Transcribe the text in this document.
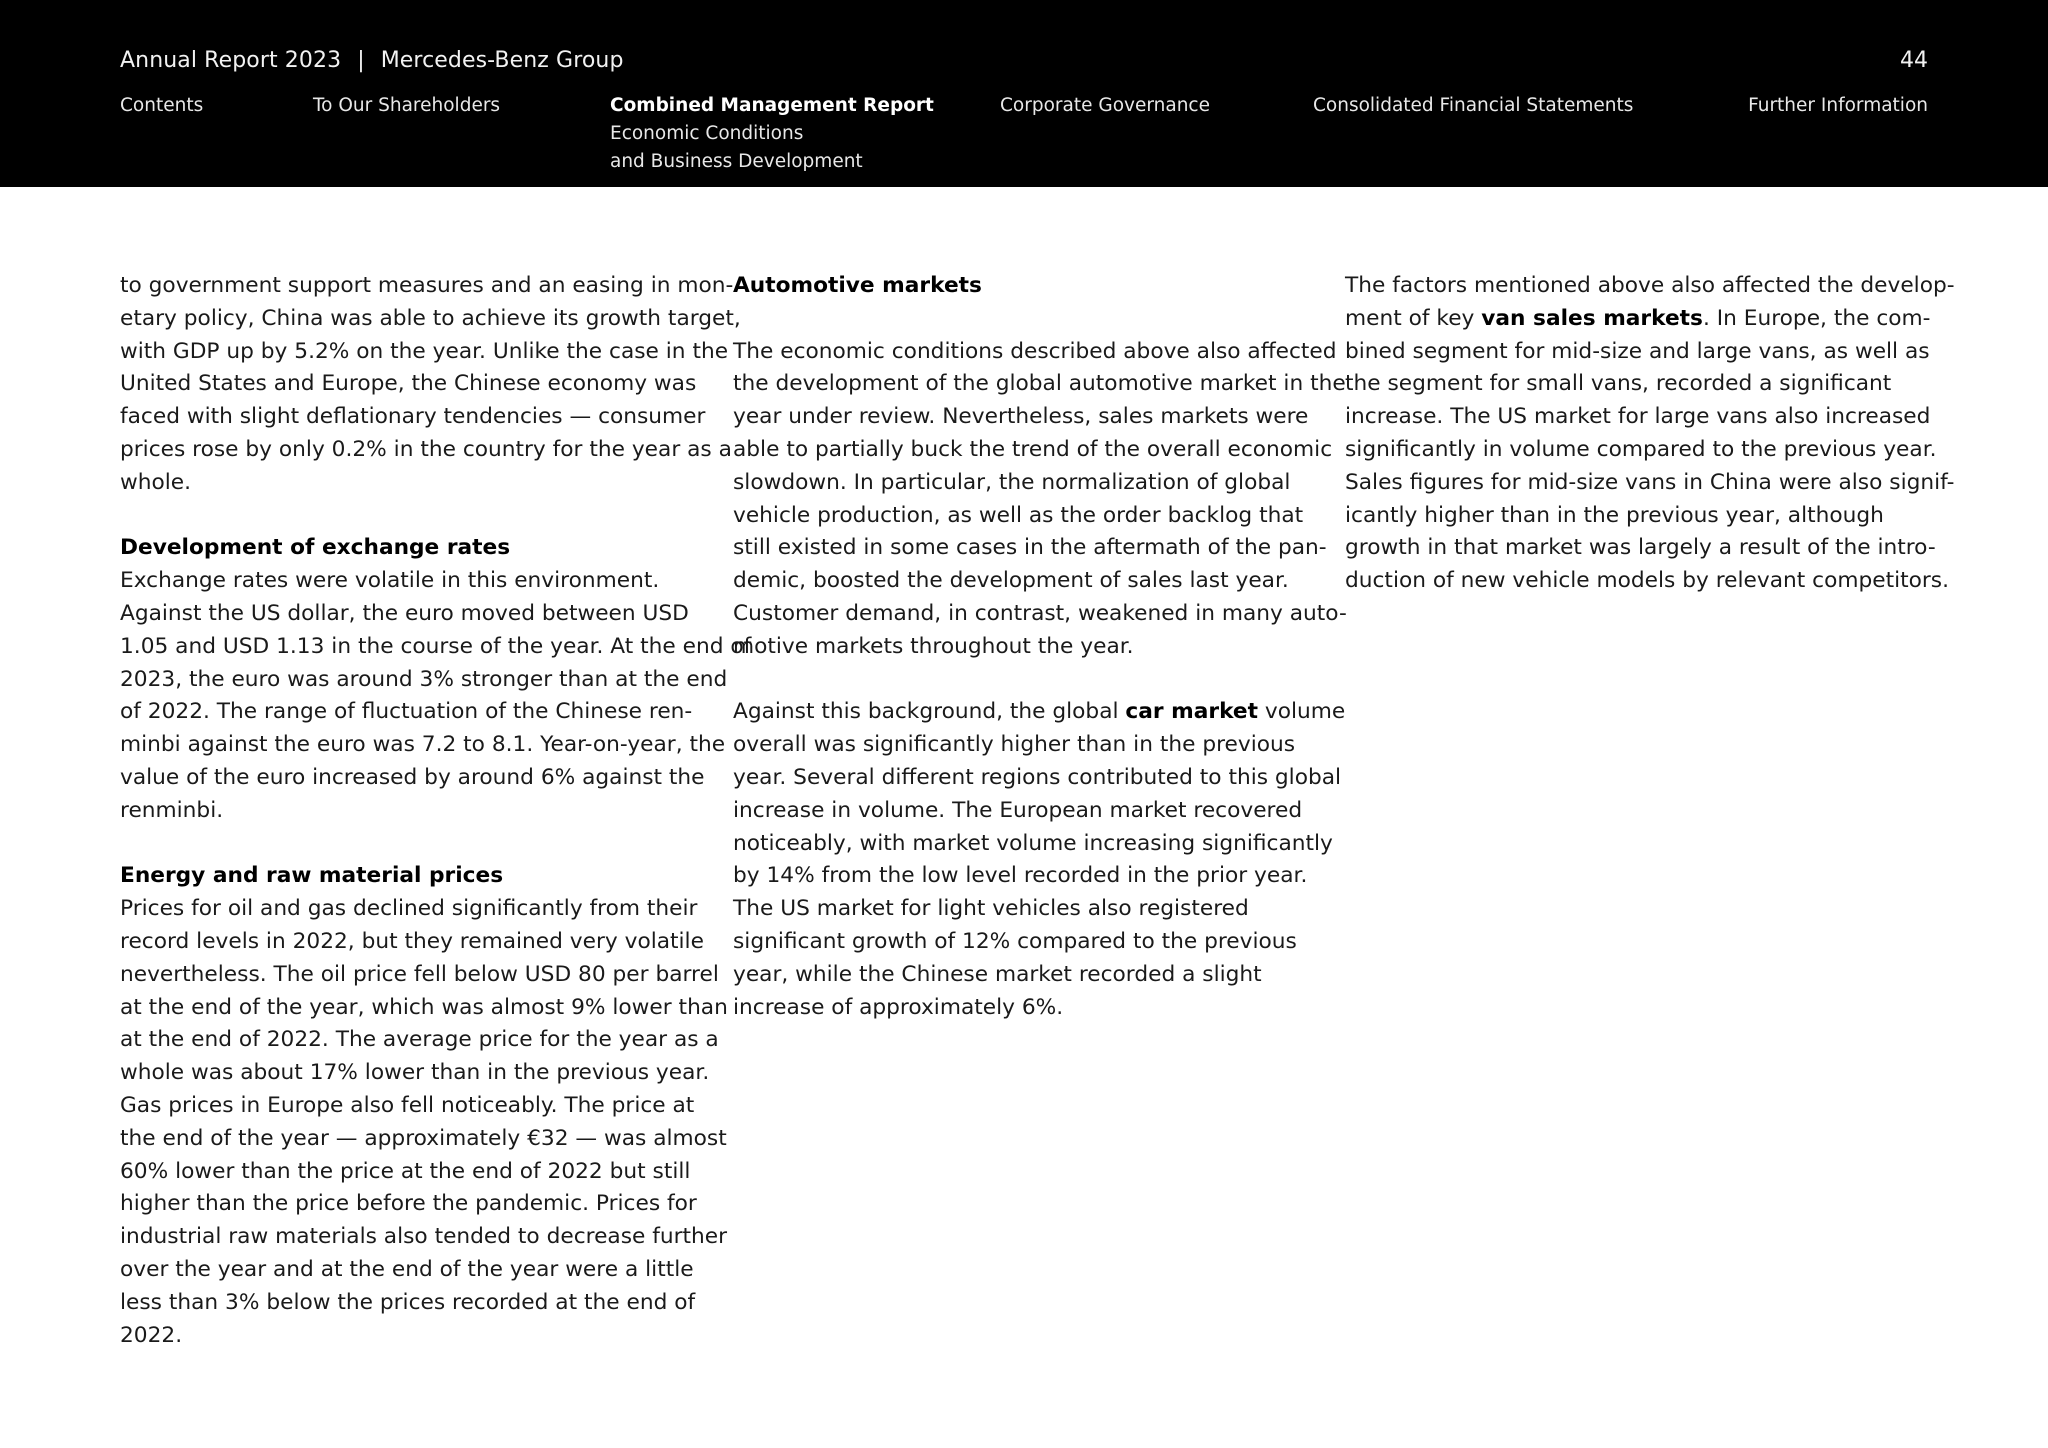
Annual Report 2023 | Mercedes-Benz Group	44
Contents	To Our Shareholders	Combined Management Report
Economic Conditions
and Business Development
Corporate Governance	Consolidated Financial Statements	Further Information

to government support measures and an easing in mon-

etary policy, China was able to achieve its growth target,

with GDP up by 5.2% on the year. Unlike the case in the

United States and Europe, the Chinese economy was

faced with slight deflationary tendencies — consumer

prices rose by only 0.2% in the country for the year as a

whole.

Development of exchange rates

Exchange rates were volatile in this environment.

Against the US dollar, the euro moved between USD

1.05 and USD 1.13 in the course of the year. At the end of

2023, the euro was around 3% stronger than at the end

of 2022. The range of fluctuation of the Chinese ren-

minbi against the euro was 7.2 to 8.1. Year-on-year, the

value of the euro increased by around 6% against the

renminbi.

Energy and raw material prices

Prices for oil and gas declined significantly from their

record levels in 2022, but they remained very volatile

nevertheless. The oil price fell below USD 80 per barrel

at the end of the year, which was almost 9% lower than

at the end of 2022. The average price for the year as a

whole was about 17% lower than in the previous year.

Gas prices in Europe also fell noticeably. The price at

the end of the year — approximately €32 — was almost

60% lower than the price at the end of 2022 but still

higher than the price before the pandemic. Prices for

industrial raw materials also tended to decrease further

over the year and at the end of the year were a little

less than 3% below the prices recorded at the end of

2022.

Automotive markets

The economic conditions described above also affected

the development of the global automotive market in the

year under review. Nevertheless, sales markets were

able to partially buck the trend of the overall economic

slowdown. In particular, the normalization of global

vehicle production, as well as the order backlog that

still existed in some cases in the aftermath of the pan-

demic, boosted the development of sales last year.

Customer demand, in contrast, weakened in many auto-

motive markets throughout the year.

Against this background, the global car market volume

overall was significantly higher than in the previous

year. Several different regions contributed to this global

increase in volume. The European market recovered

noticeably, with market volume increasing significantly

by 14% from the low level recorded in the prior year.

The US market for light vehicles also registered

significant growth of 12% compared to the previous

year, while the Chinese market recorded a slight

increase of approximately 6%.

The factors mentioned above also affected the develop-

ment of key van sales markets. In Europe, the com-

bined segment for mid-size and large vans, as well as

the segment for small vans, recorded a significant

increase. The US market for large vans also increased

significantly in volume compared to the previous year.

Sales figures for mid-size vans in China were also signif-

icantly higher than in the previous year, although

growth in that market was largely a result of the intro-

duction of new vehicle models by relevant competitors.
